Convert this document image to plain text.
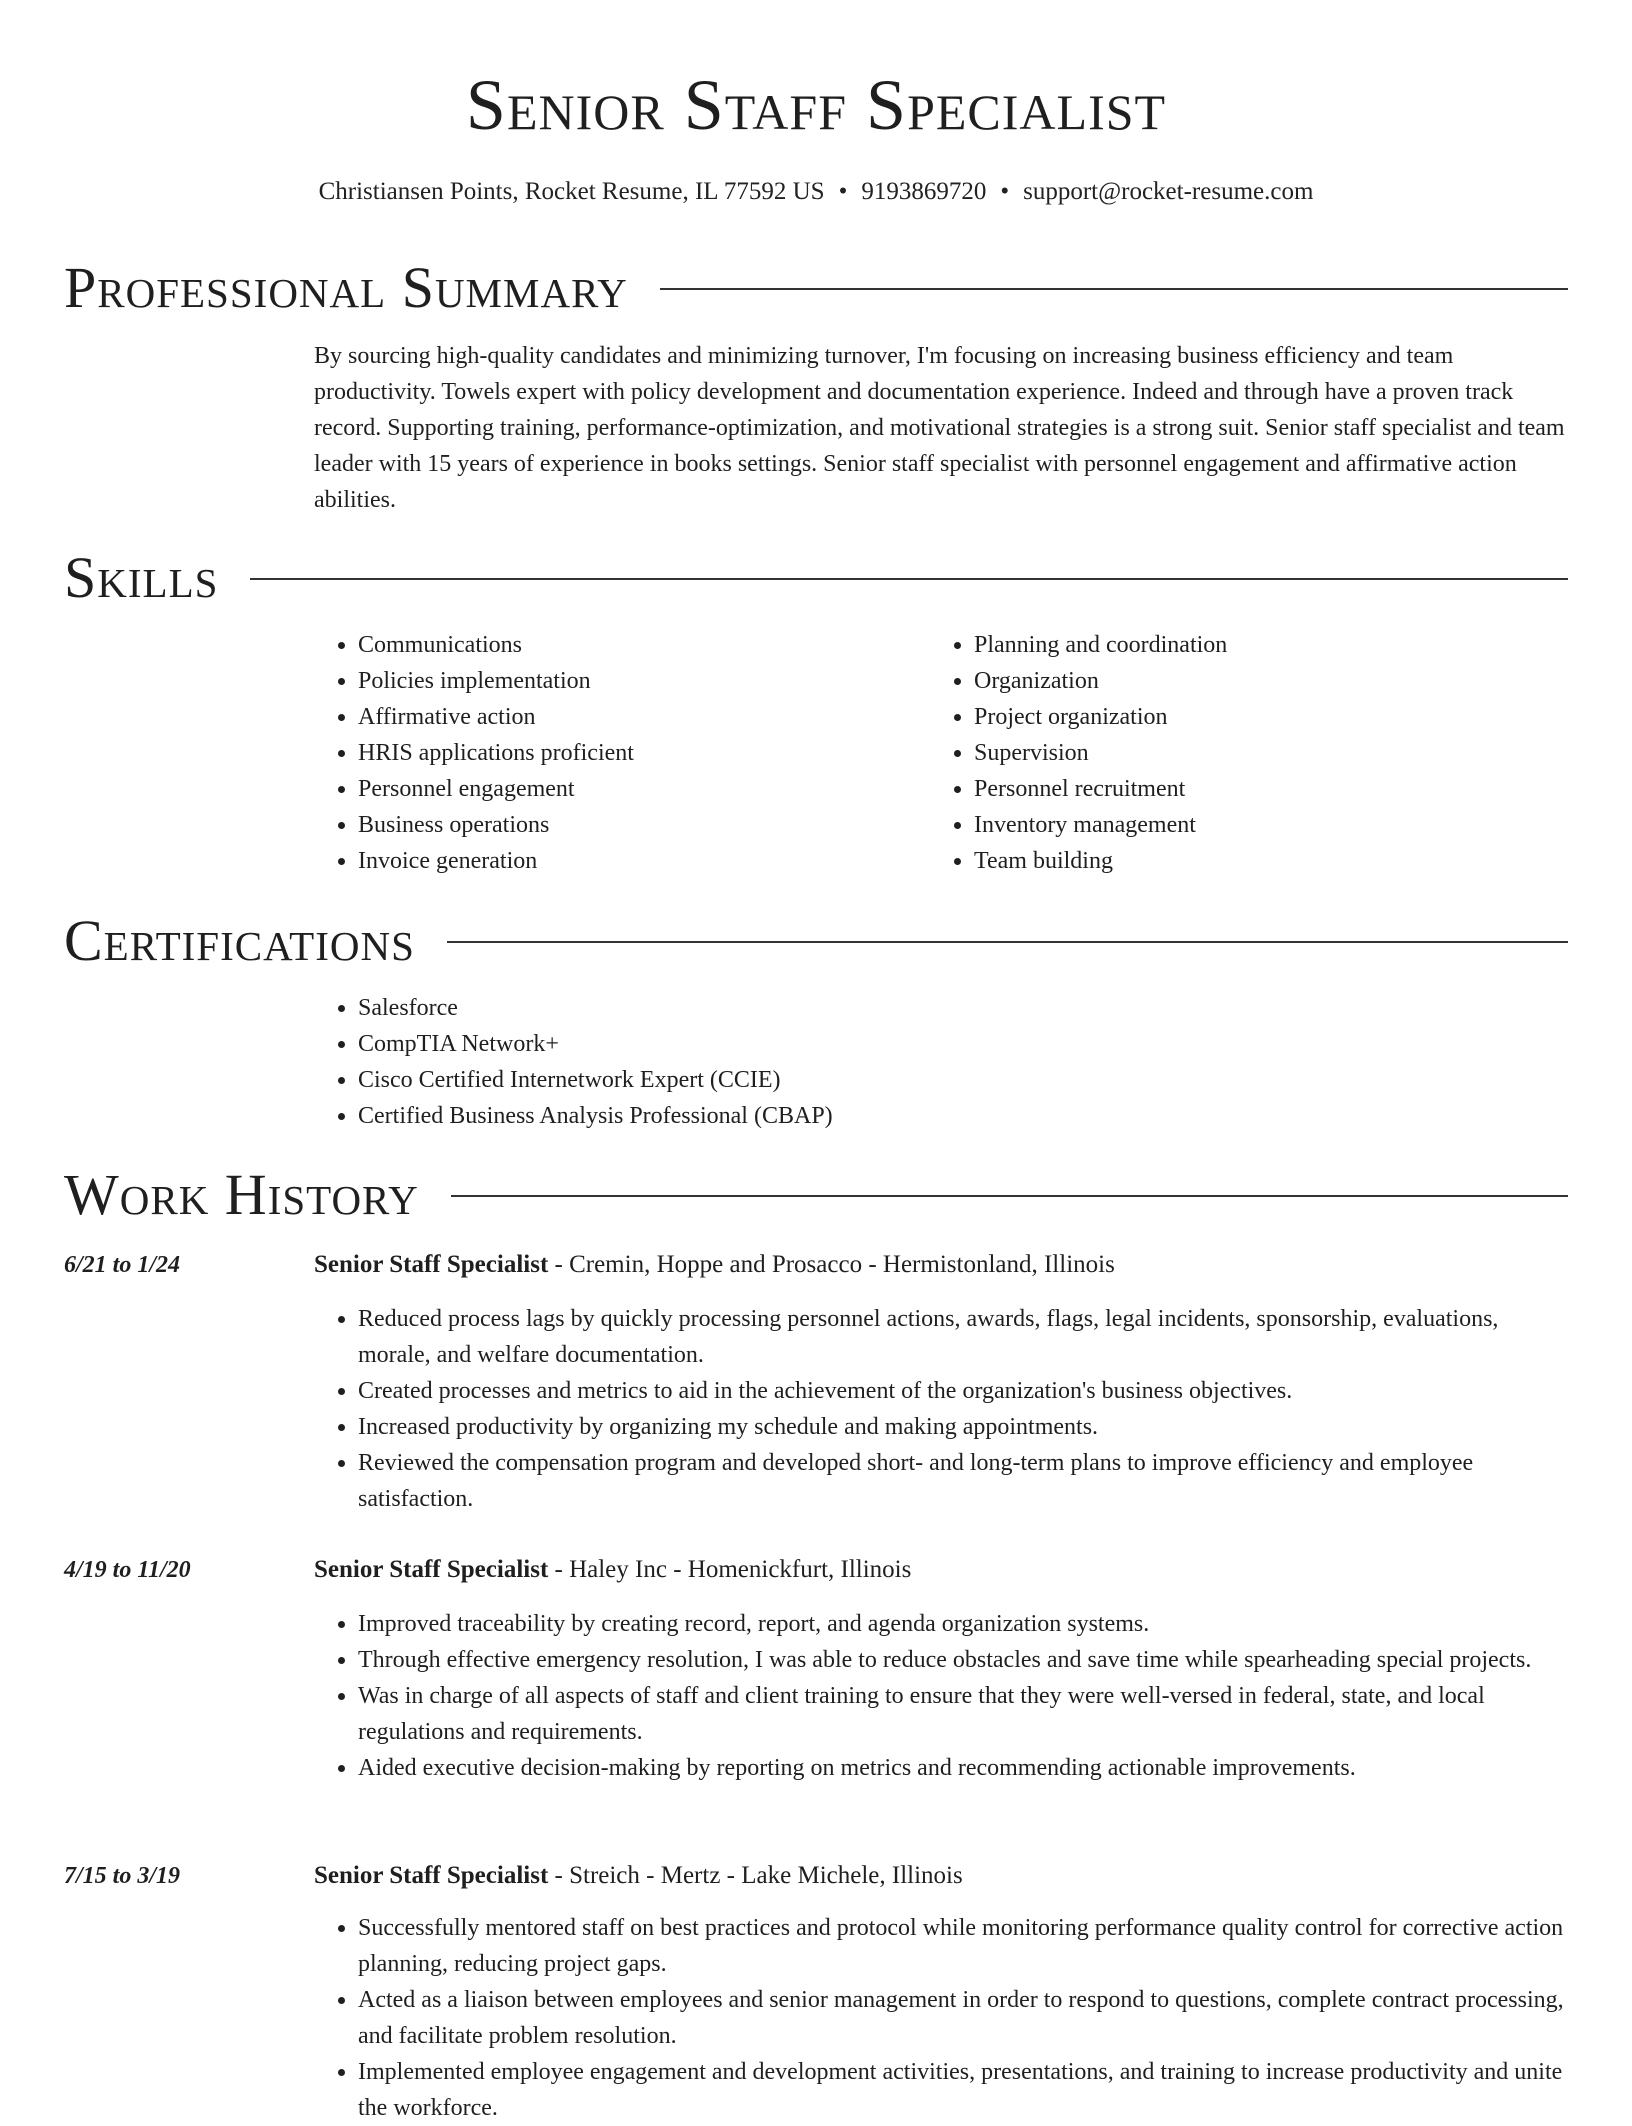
Senior Staff Specialist
Christiansen Points, Rocket Resume, IL 77592 US • 9193869720 • support@rocket-resume.com
Professional Summary

By sourcing high-quality candidates and minimizing turnover, I'm focusing on increasing business efficiency and team productivity. Towels expert with policy development and documentation experience. Indeed and through have a proven track record. Supporting training, performance-optimization, and motivational strategies is a strong suit. Senior staff specialist and team leader with 15 years of experience in books settings. Senior staff specialist with personnel engagement and affirmative action abilities.

Skills
• Communications
• Policies implementation
• Affirmative action
• HRIS applications proficient
• Personnel engagement
• Business operations
• Invoice generation
• Planning and coordination
• Organization
• Project organization
• Supervision
• Personnel recruitment
• Inventory management
• Team building
Certifications
• Salesforce
• CompTIA Network+
• Cisco Certified Internetwork Expert (CCIE)
• Certified Business Analysis Professional (CBAP)
Work History
6/21 to 1/24	Senior Staff Specialist - Cremin, Hoppe and Prosacco - Hermistonland, Illinois
• Reduced process lags by quickly processing personnel actions, awards, flags, legal incidents, sponsorship, evaluations, morale, and welfare documentation.
• Created processes and metrics to aid in the achievement of the organization's business objectives.
• Increased productivity by organizing my schedule and making appointments.
• Reviewed the compensation program and developed short- and long-term plans to improve efficiency and employee satisfaction.
4/19 to 11/20	Senior Staff Specialist - Haley Inc - Homenickfurt, Illinois
• Improved traceability by creating record, report, and agenda organization systems.
• Through effective emergency resolution, I was able to reduce obstacles and save time while spearheading special projects.
• Was in charge of all aspects of staff and client training to ensure that they were well-versed in federal, state, and local regulations and requirements.
• Aided executive decision-making by reporting on metrics and recommending actionable improvements.
7/15 to 3/19	Senior Staff Specialist - Streich - Mertz - Lake Michele, Illinois
• Successfully mentored staff on best practices and protocol while monitoring performance quality control for corrective action planning, reducing project gaps.
• Acted as a liaison between employees and senior management in order to respond to questions, complete contract processing, and facilitate problem resolution.
• Implemented employee engagement and development activities, presentations, and training to increase productivity and unite the workforce.
